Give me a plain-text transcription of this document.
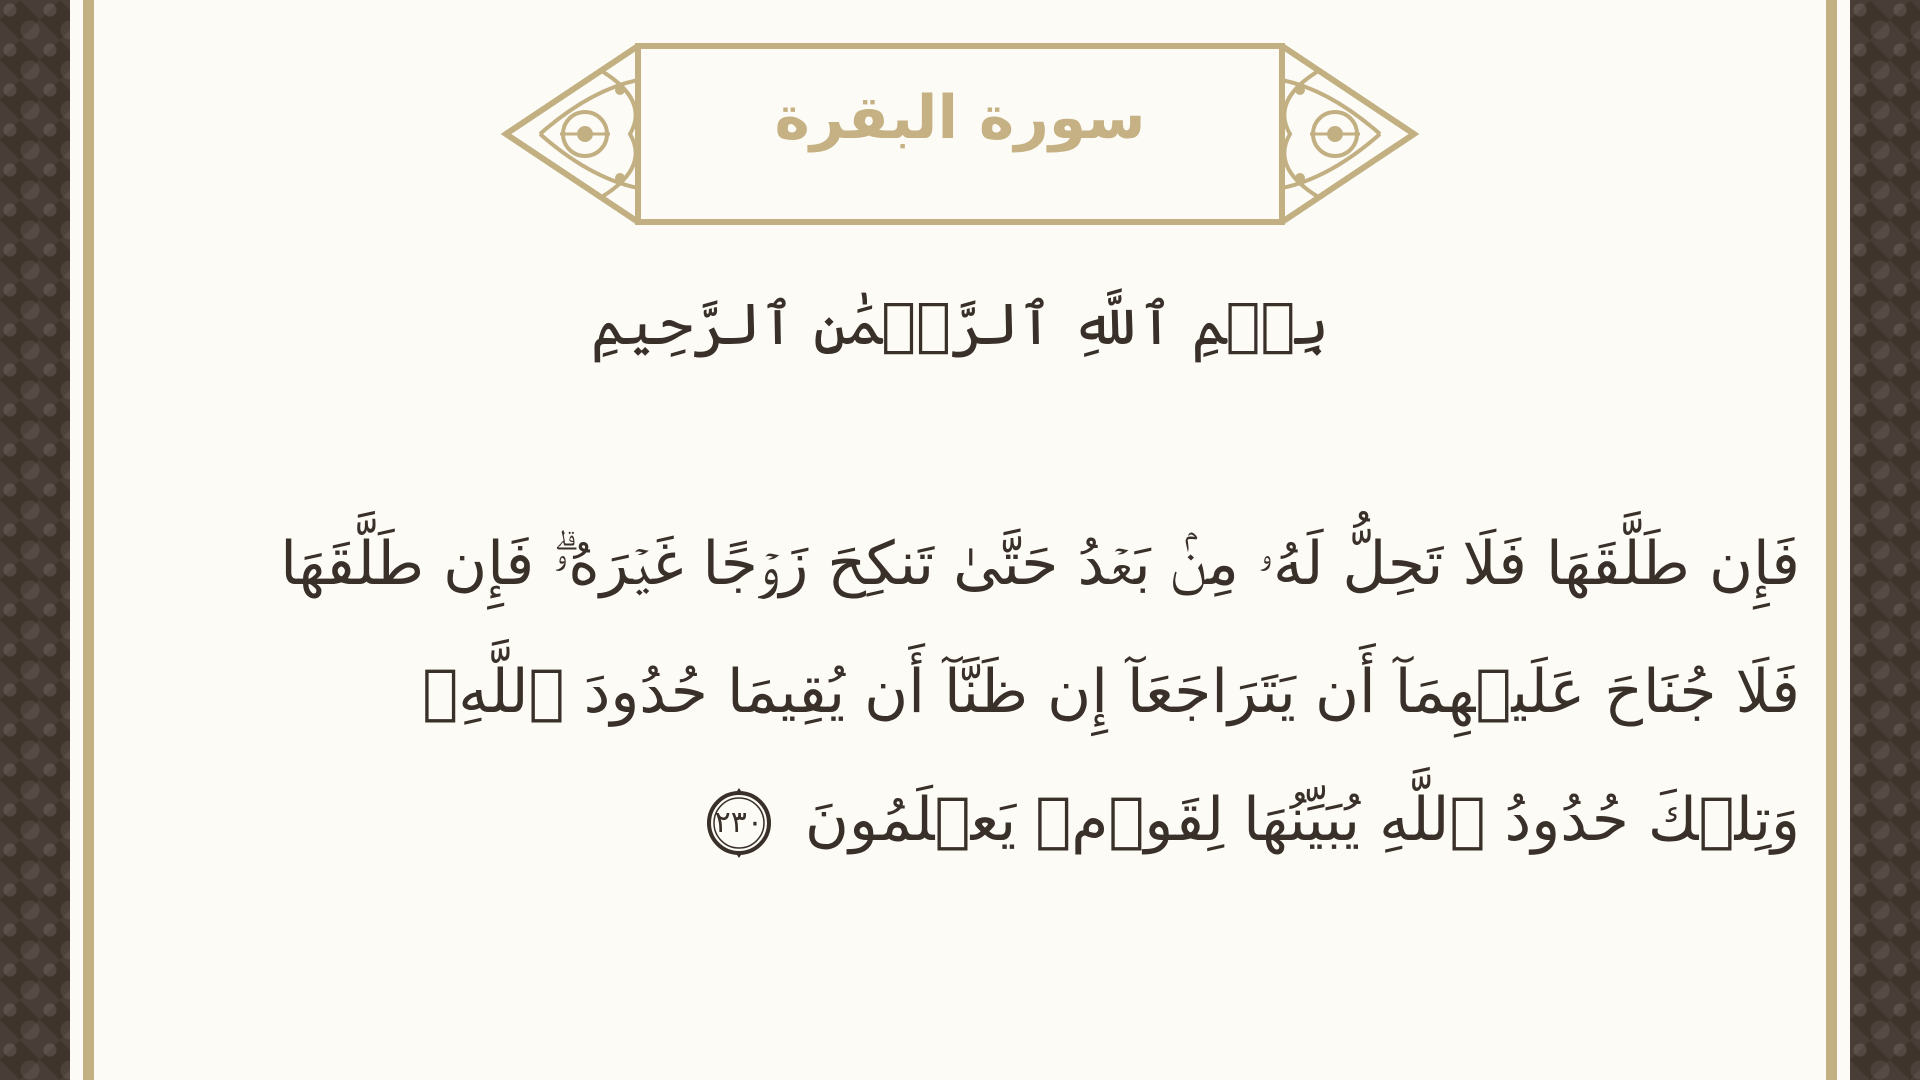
سورة البقرة
بِسۡمِ ٱللَّهِ ٱلرَّحۡمَٰنِ ٱلرَّحِيمِ
فَإِن طَلَّقَهَا فَلَا تَحِلُّ لَهُۥ مِنۢ بَعۡدُ حَتَّىٰ تَنكِحَ زَوۡجًا غَيۡرَهُۥۗ فَإِن طَلَّقَهَا
فَلَا جُنَاحَ عَلَيۡهِمَآ أَن يَتَرَاجَعَآ إِن ظَنَّآ أَن يُقِيمَا حُدُودَ ٱللَّهِۗ
وَتِلۡكَ حُدُودُ ٱللَّهِ يُبَيِّنُهَا لِقَوۡمٖ يَعۡلَمُونَ
٢٣٠
